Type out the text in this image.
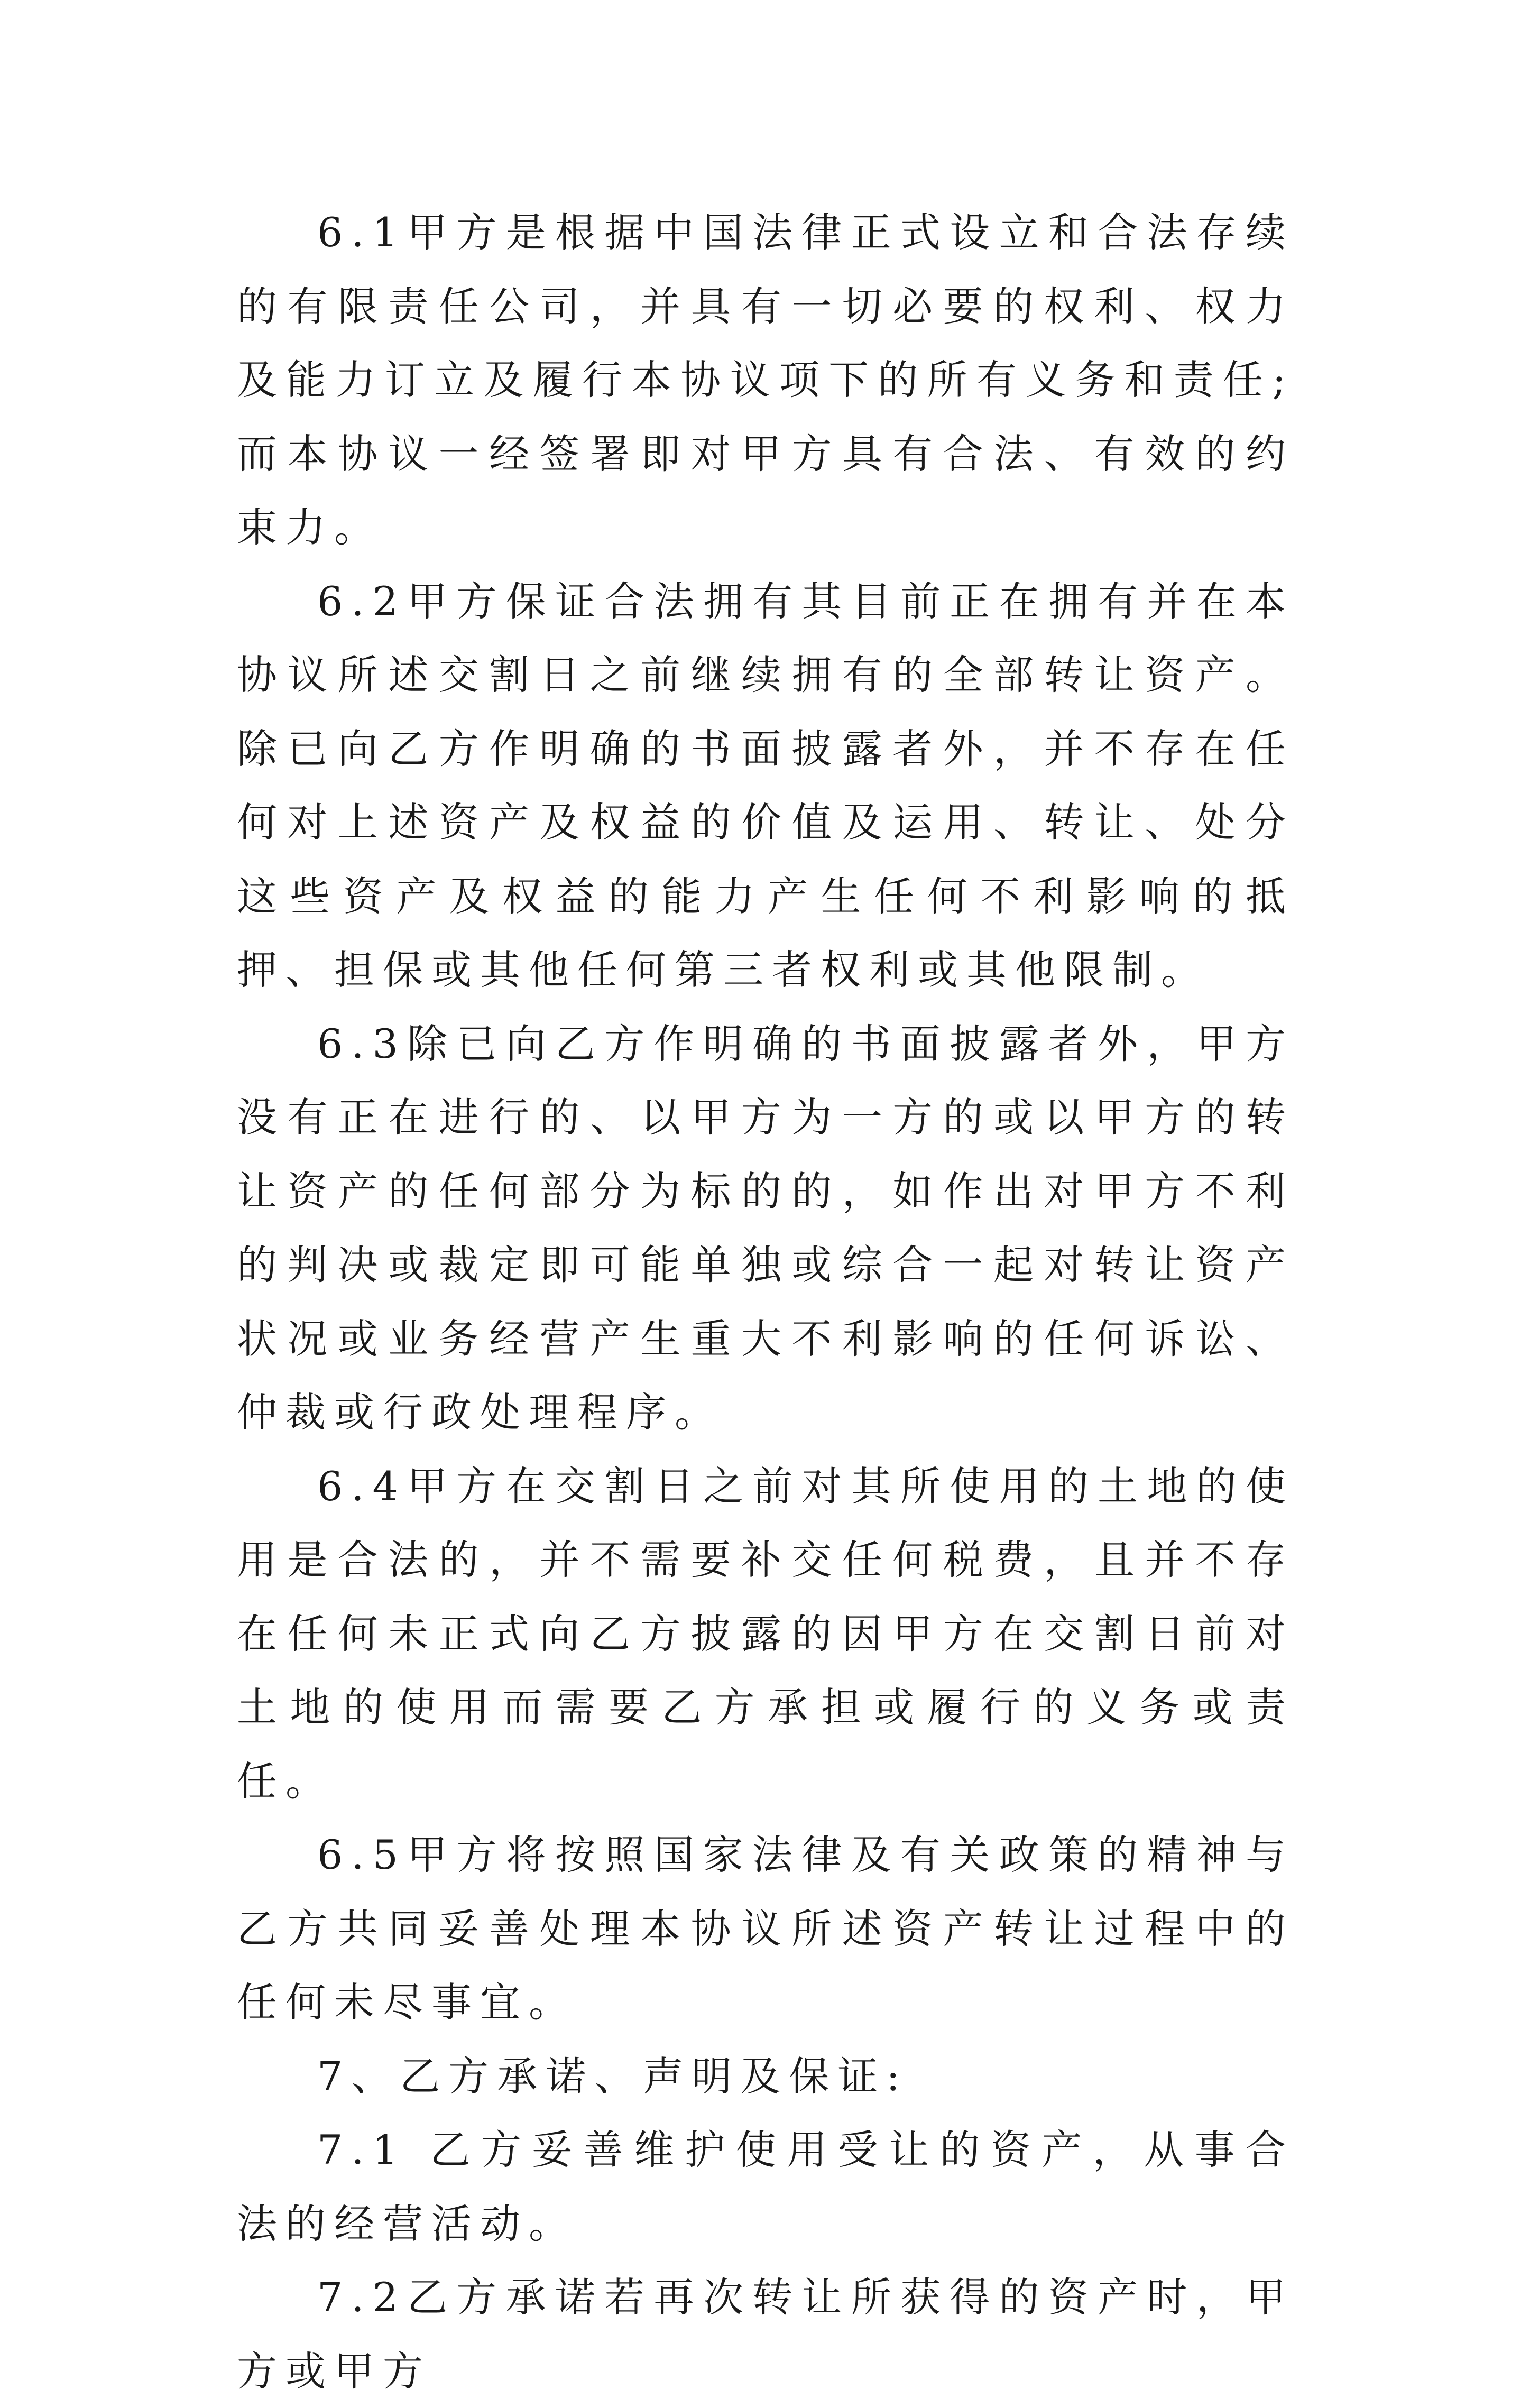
6.1甲方是根据中国法律正式设立和合法存续的有限责任公司，并具有一切必要的权利、权力及能力订立及履行本协议项下的所有义务和责任;而本协议一经签署即对甲方具有合法、有效的约束力。

6.2甲方保证合法拥有其目前正在拥有并在本协议所述交割日之前继续拥有的全部转让资产。除已向乙方作明确的书面披露者外，并不存在任何对上述资产及权益的价值及运用、转让、处分这些资产及权益的能力产生任何不利影响的抵押、担保或其他任何第三者权利或其他限制。

6.3除已向乙方作明确的书面披露者外，甲方没有正在进行的、以甲方为一方的或以甲方的转让资产的任何部分为标的的，如作出对甲方不利的判决或裁定即可能单独或综合一起对转让资产状况或业务经营产生重大不利影响的任何诉讼、仲裁或行政处理程序。

6.4甲方在交割日之前对其所使用的土地的使用是合法的，并不需要补交任何税费，且并不存在任何未正式向乙方披露的因甲方在交割日前对土地的使用而需要乙方承担或履行的义务或责任。

6.5甲方将按照国家法律及有关政策的精神与乙方共同妥善处理本协议所述资产转让过程中的任何未尽事宜。

7、乙方承诺、声明及保证:

7.1 乙方妥善维护使用受让的资产，从事合法的经营活动。

7.2乙方承诺若再次转让所获得的资产时，甲方或甲方
